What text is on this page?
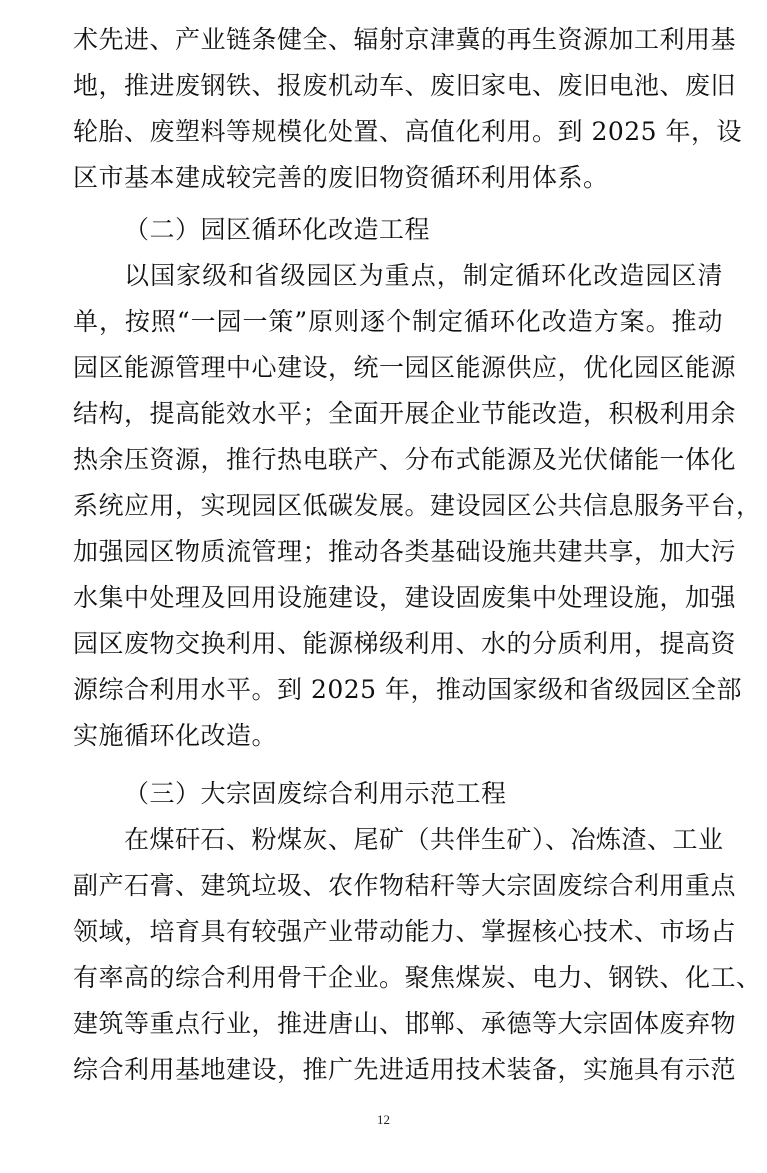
术先进、产业链条健全、辐射京津冀的再生资源加工利用基
地，推进废钢铁、报废机动车、废旧家电、废旧电池、废旧
轮胎、废塑料等规模化处置、高值化利用。到 2025 年，设
区市基本建成较完善的废旧物资循环利用体系。
（二）园区循环化改造工程
以国家级和省级园区为重点，制定循环化改造园区清
单，按照“一园一策”原则逐个制定循环化改造方案。推动
园区能源管理中心建设，统一园区能源供应，优化园区能源
结构，提高能效水平；全面开展企业节能改造，积极利用余
热余压资源，推行热电联产、分布式能源及光伏储能一体化
系统应用，实现园区低碳发展。建设园区公共信息服务平台，
加强园区物质流管理；推动各类基础设施共建共享，加大污
水集中处理及回用设施建设，建设固废集中处理设施，加强
园区废物交换利用、能源梯级利用、水的分质利用，提高资
源综合利用水平。到 2025 年，推动国家级和省级园区全部
实施循环化改造。
（三）大宗固废综合利用示范工程
在煤矸石、粉煤灰、尾矿（共伴生矿）、冶炼渣、工业
副产石膏、建筑垃圾、农作物秸秆等大宗固废综合利用重点
领域，培育具有较强产业带动能力、掌握核心技术、市场占
有率高的综合利用骨干企业。聚焦煤炭、电力、钢铁、化工、
建筑等重点行业，推进唐山、邯郸、承德等大宗固体废弃物
综合利用基地建设，推广先进适用技术装备，实施具有示范
12
